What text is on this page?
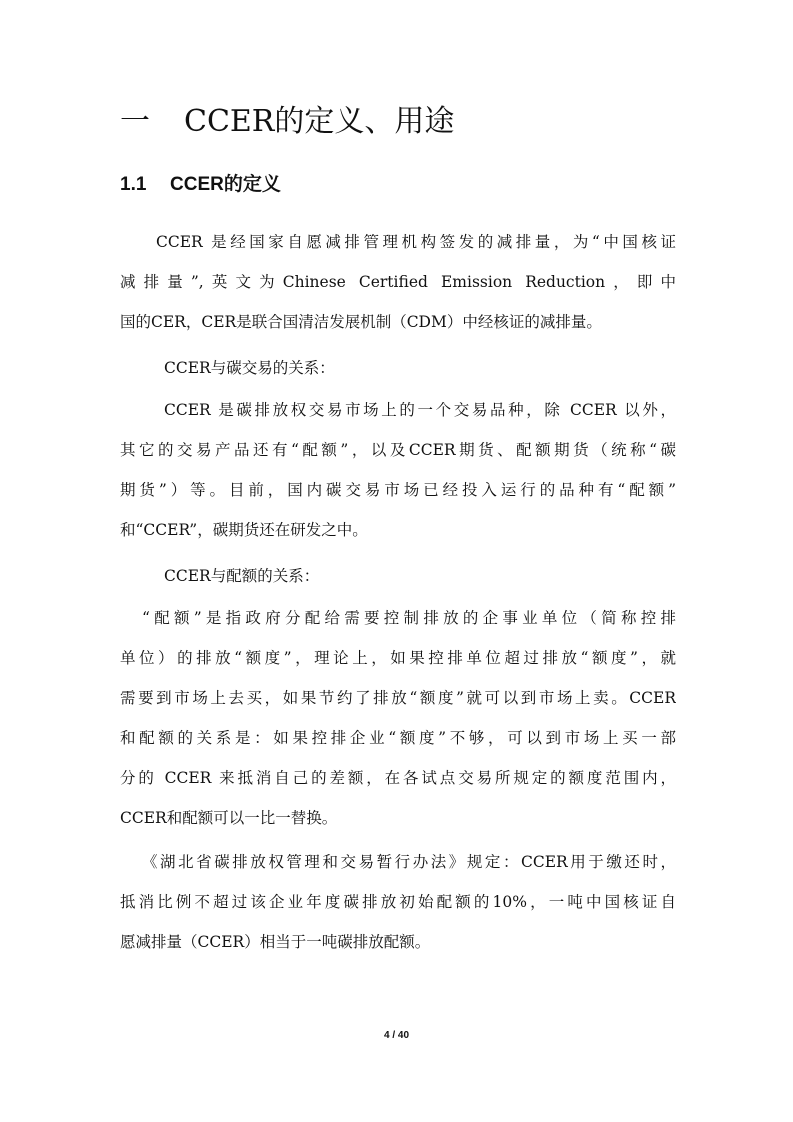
一 CCER的定义、用途
1.1 CCER的定义
CCER 是经国家自愿减排管理机构签发的减排量，为“中国核证
减排量”,英文为Chinese Certified Emission Reduction，即中
国的CER，CER是联合国清洁发展机制（CDM）中经核证的减排量。
CCER与碳交易的关系：
CCER 是碳排放权交易市场上的一个交易品种，除 CCER 以外，
其它的交易产品还有“配额”，以及CCER期货、配额期货（统称“碳
期货”）等。目前，国内碳交易市场已经投入运行的品种有“配额”
和“CCER”，碳期货还在研发之中。
CCER与配额的关系：
“配额”是指政府分配给需要控制排放的企事业单位（简称控排
单位）的排放“额度”，理论上，如果控排单位超过排放“额度”，就
需要到市场上去买，如果节约了排放“额度”就可以到市场上卖。CCER
和配额的关系是：如果控排企业“额度”不够，可以到市场上买一部
分的 CCER 来抵消自己的差额，在各试点交易所规定的额度范围内，
CCER和配额可以一比一替换。
《湖北省碳排放权管理和交易暂行办法》规定：CCER用于缴还时，
抵消比例不超过该企业年度碳排放初始配额的10%，一吨中国核证自
愿减排量（CCER）相当于一吨碳排放配额。
4 / 40
